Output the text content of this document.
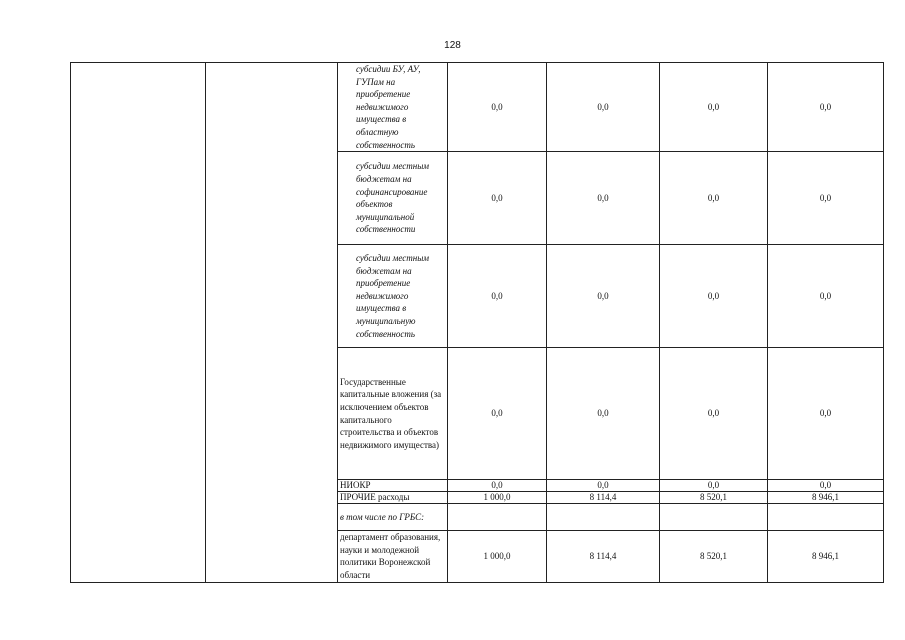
128
		субсидии БУ, АУ, ГУПам на приобретение недвижимого имущества в областную собственность	0,0	0,0	0,0	0,0
		субсидии местным бюджетам на софинансирование объектов муниципальной собственности	0,0	0,0	0,0	0,0
		субсидии местным бюджетам на приобретение недвижимого имущества в муниципальную собственность	0,0	0,0	0,0	0,0
		Государственные капитальные вложения (за исключением объектов капитального строительства и объектов недвижимого имущества)	0,0	0,0	0,0	0,0
		НИОКР	0,0	0,0	0,0	0,0
		ПРОЧИЕ расходы	1 000,0	8 114,4	8 520,1	8 946,1
		в том числе по ГРБС:				
		департамент образования, науки и молодежной политики Воронежской области	1 000,0	8 114,4	8 520,1	8 946,1
